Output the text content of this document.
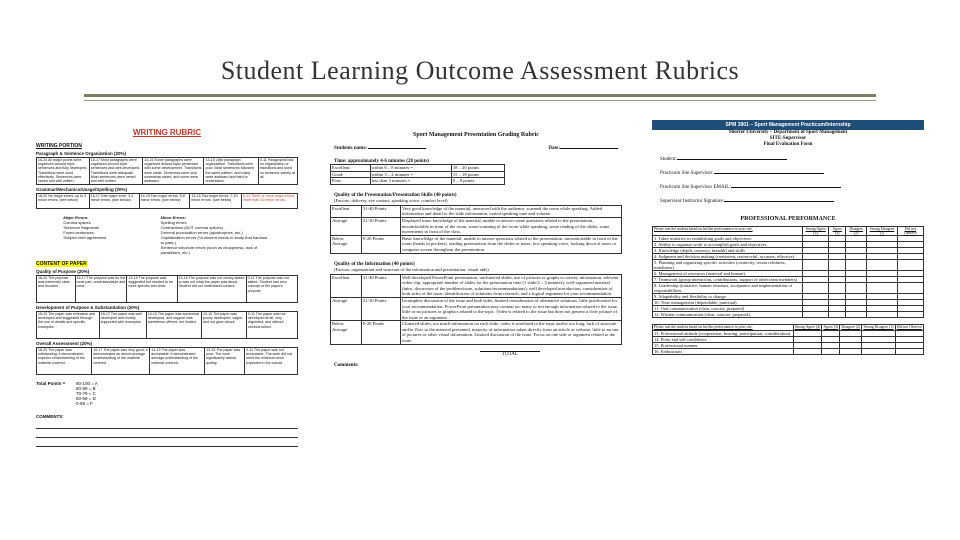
Student Learning Outcome Assessment Rubrics
WRITING RUBRIC
WRITING PORTION
Paragraph & Sentence Organization (20%)
18-20 All major points were organized around topic sentences and fully developed. Transitions were used effectively. Sentences were varied and well written.	16-17 Most paragraphs were organized around topic sentences and well developed. Transitions were adequate. Most sentences were varied and well written.	14-15 Some paragraphs were organized around topic sentences with some development. Transitions were weak. Sentences were only somewhat varied, and some were awkward.	13-15 Little paragraph organization. Transitions were poor. Most sentences followed the same pattern, and many were awkward and hard to understand.	0-11 Paragraphs had no organization or transitions and used no sentence variety at all.
Grammar/Mechanics/Usage/Spelling (20%)
18-20 No major errors, up to 3 minor errors. (see below)	16-17 One major error, 3-4 minor errors. (see below)	14-15 Two major errors, 5-6 minor errors. (see below)	13-15 Two major errors, 7-10 minor errors. (see below)	0-11 Three or more major errors, more than 10 minor errors.
Major Errors:
Comma splices
Sentence fragments
Fused sentences
Subject-verb agreement
Minor Errors:
Spelling errors
Contractions (NOT comma splices)
General punctuation errors (apostrophes, etc.)
Capitalization errors (*A student needs to study that handout to pass.)
Sentence structure errors (such as choppiness, lack of parallelism, etc.)
CONTENT OF PAPER
Quality of Purpose (20%)
18-20 The purpose was extremely clear and focused.	16-17 The purpose was for the most part, understandable and clear.	14-15 The purpose was suggested but needed to be more specific and clear.	13-15 The purpose was not clearly stated or was not what the paper was about. Student did not understand content.	0-11 The purpose was not stated. Student had zero concept of the paper's purpose.
Development of Purpose & Substantiation (20%)
18-20 The paper was extensive and developed and suggested through the use of details and specific examples.	16-17 The paper was well developed and mostly supported with examples.	14-15 The paper was somewhat developed, and support was sometimes offered, but limited.	13-15 The paper was poorly developed, vague, and not given about.	0-11 The paper was not developed at all, very disjointed, and without obvious tuition.
Overall Assessment (20%)
18-20 The paper was outstanding; it demonstrated superior understanding of the material covered.	16-17 The paper was very good; it demonstrated an above-average understanding of the material covered.	14-15 The paper was acceptable; it demonstrated average understanding of the material covered.	13-15 The paper was poor. The work significantly lacked quality.	0-11 The paper was not acceptable. The work did not meet the minimum level expected in the course.
Total Points =	90-100 = A
80-89 = B
70-79 = C
60-69 = D
0-59 = F
COMMENTS:
Sport Management Presentation Grading Rubric
Students name:	Date:
Time: approximately 4-6 minutes (20 points)
Excellent:	within 6 – 8 minutes =	18 – 20 points
Good:	within 3 – 4 minutes =	15 – 18 points
Poor:	less than 3 minutes =	0 – 8 points
Quality of the Presentation/Presentation Skills (40 points)
(Factors: delivery, eye contact, speaking voice, comfort level)
Excellent	31-40 Points	Very good knowledge of the material, interacted with the audience, scanned the room while speaking. Added information and detail to the slide information, varied speaking tone and volume.
Average	21-30 Points	Displayed some knowledge of the material, unable to answer some questions related to the presentation, uncomfortable in front of the room, some scanning of the room while speaking, some reading of the slides, some movements in front of the class.
Below Average	0-20 Points	Basic knowledge of the material, unable to answer questions related to the presentation, uncomfortable in front of the room (hands in pockets), reading presentation from the slides or notes, low speaking voice, looking down at notes or computer screen throughout the presentation.
Quality of the Information (40 points)
(Factors: organization and structure of the information and presentation, visual aids)
Excellent	31-40 Points	Well-developed PowerPoint presentation, uncluttered slides, use of pictures or graphs to convey information, relevant video clip, appropriate number of slides for the presentation time (1 slide/2 – 3 minutes), well-organized material (intro, discussion of the problem/issue, solutions/recommendations), well developed introduction, consideration of both sides of the issue, identification of solutions from research, and a logical argument for your recommendation.
Average	21-30 Points	Incomplete discussion of the issue and both sides, limited consideration of alternative solutions, little justification for your recommendation. PowerPoint presentation may contain too many or not enough information related to the issue, little or no pictures or graphics related to the topic. Video is related to the issue but does not present a clear picture of the issue or an argument.
Below Average	0-20 Points	Cluttered slides, too much information on each slide, video is unrelated to the topic and/or too long, lack of structure and/or flow to the material presented, majority of information taken directly from an article or website, little to no use of pictures or other visual information. Limited discussion of the issue. Focus on one side or argument related to the issue.
TOTAL
Comments:
SPM 3901 – Sport Management Practicum/Internship
Shorter University – Department of Sport Management
SITE-Supervisor
Final Evaluation Form
Student:
Practicum Site Supervisor:
Practicum Site Supervisor EMAIL:
Supervisor Instructor Signature:
PROFESSIONAL PERFORMANCE
Please rate the student based on his/her performance in your site.	Strong Agree (4)	Agree (3)	Disagree (2)	Strong Disagree (1)	Did not Observe
1. Takes initiative in establishing goals and objectives.					
2. Ability to organize work to accomplish goals and objectives.					
3. Knowledge (depth, currency, breadth) and skills					
4. Judgment and decision making (consistent, resourceful, accurate, effective).					
5. Planning and organizing specific activities (creativity, resourcefulness, timeliness).					
6. Management of resources (material and human).					
7. Teamwork (group interaction, contributions, support of other team members)					
8. Leadership (initiative, human relations, acceptance and implementation of responsibilities.					
9. Adaptability and flexibility to change.					
10. Time management (dependable, punctual).					
11. Oral communication (clear, concise, prepared).					
12. Written communication (clear, concise, prepared).					
Please rate the student based on his/her performance in your site.	Strong Agree (4)	Agree (3)	Disagree (2)	Strong Disagree (1)	Did not Observe
13. Professional attitude (cooperation, bearing, participation, consideration)					
14. Poise and self confidence					
15. Professional manner					
16. Enthusiasm					
